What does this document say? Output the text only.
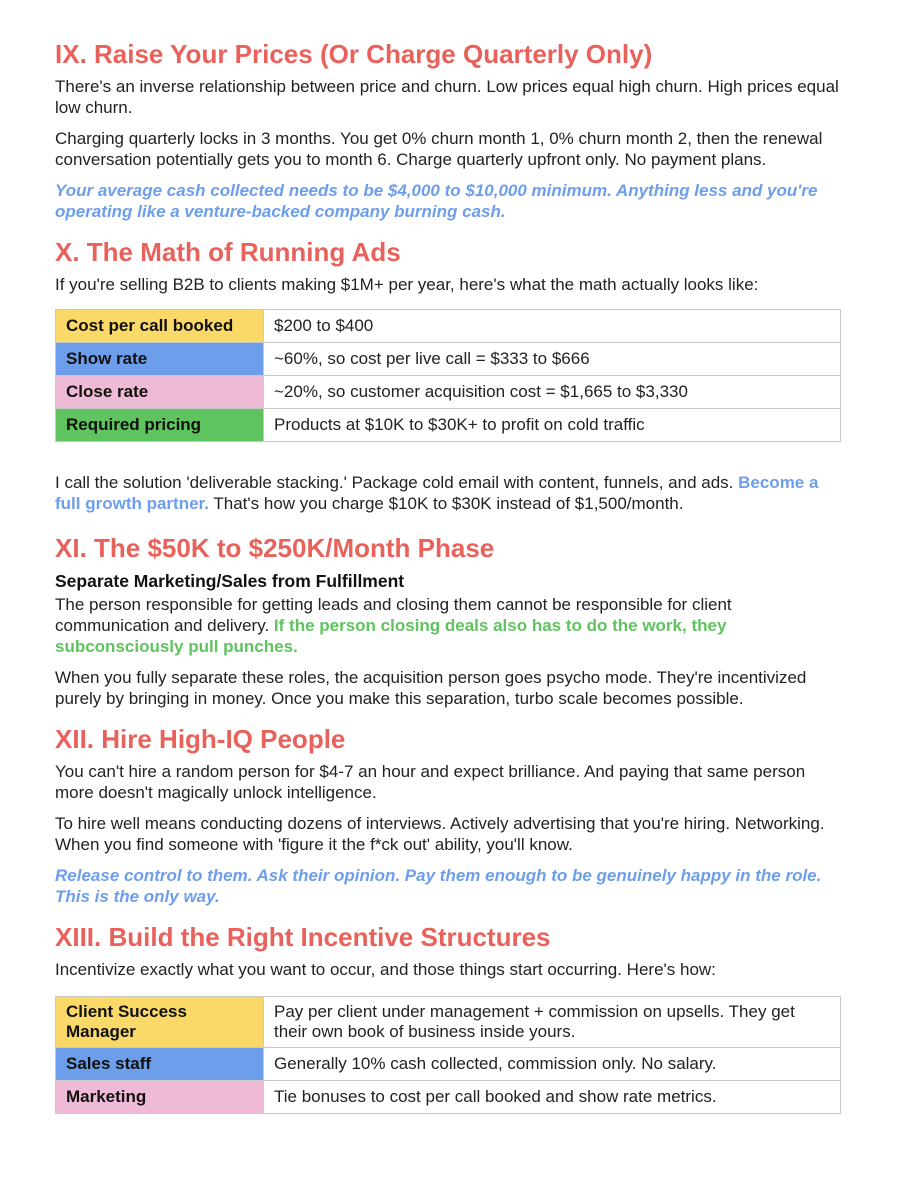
IX. Raise Your Prices (Or Charge Quarterly Only)

There's an inverse relationship between price and churn. Low prices equal high churn. High prices equal low churn.

Charging quarterly locks in 3 months. You get 0% churn month 1, 0% churn month 2, then the renewal conversation potentially gets you to month 6. Charge quarterly upfront only. No payment plans.

Your average cash collected needs to be $4,000 to $10,000 minimum. Anything less and you're operating like a venture-backed company burning cash.

X. The Math of Running Ads

If you're selling B2B to clients making $1M+ per year, here's what the math actually looks like:

Cost per call booked	$200 to $400
Show rate	~60%, so cost per live call = $333 to $666
Close rate	~20%, so customer acquisition cost = $1,665 to $3,330
Required pricing	Products at $10K to $30K+ to profit on cold traffic

I call the solution 'deliverable stacking.' Package cold email with content, funnels, and ads. Become a full growth partner. That's how you charge $10K to $30K instead of $1,500/month.

XI. The $50K to $250K/Month Phase
Separate Marketing/Sales from Fulfillment

The person responsible for getting leads and closing them cannot be responsible for client communication and delivery. If the person closing deals also has to do the work, they subconsciously pull punches.

When you fully separate these roles, the acquisition person goes psycho mode. They're incentivized purely by bringing in money. Once you make this separation, turbo scale becomes possible.

XII. Hire High-IQ People

You can't hire a random person for $4-7 an hour and expect brilliance. And paying that same person more doesn't magically unlock intelligence.

To hire well means conducting dozens of interviews. Actively advertising that you're hiring. Networking. When you find someone with 'figure it the f*ck out' ability, you'll know.

Release control to them. Ask their opinion. Pay them enough to be genuinely happy in the role. This is the only way.

XIII. Build the Right Incentive Structures

Incentivize exactly what you want to occur, and those things start occurring. Here's how:

Client Success Manager	Pay per client under management + commission on upsells. They get their own book of business inside yours.
Sales staff	Generally 10% cash collected, commission only. No salary.
Marketing	Tie bonuses to cost per call booked and show rate metrics.
